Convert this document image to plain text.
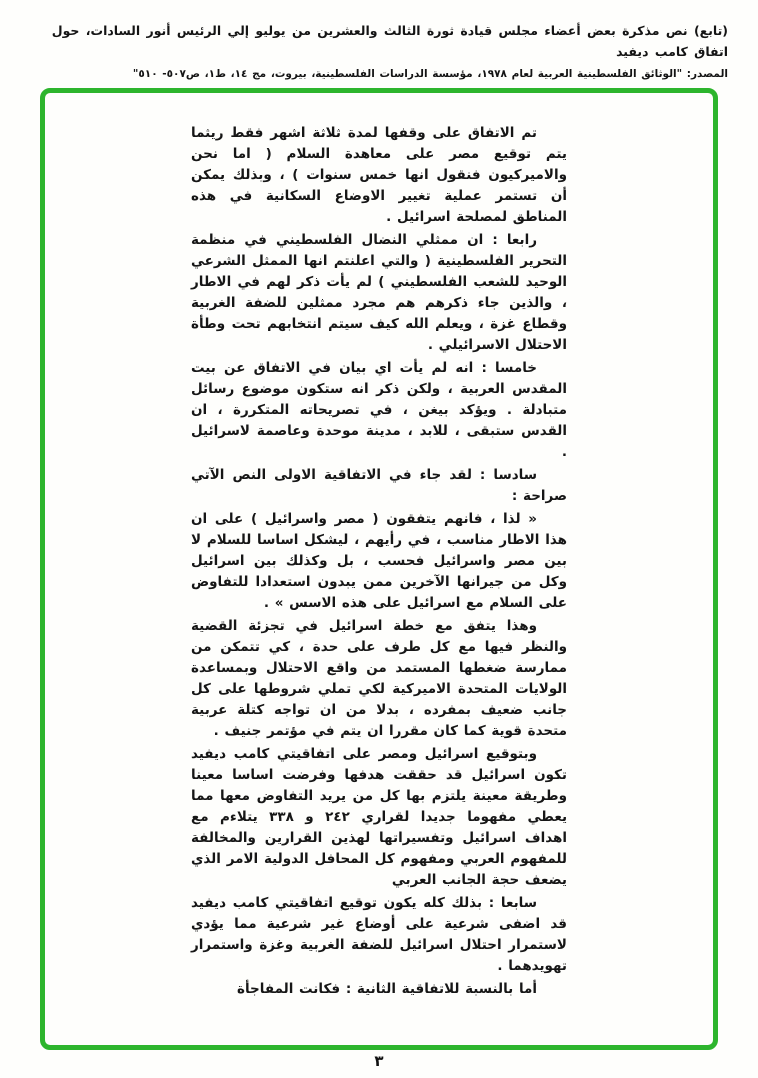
(تابع) نص مذكرة بعض أعضاء مجلس قيادة ثورة الثالث والعشرين من يوليو إلي الرئيس أنور السادات، حول اتفاق كامب ديفيد
المصدر: "الوثائق الفلسطينية العربية لعام ١٩٧٨، مؤسسة الدراسات الفلسطينية، بيروت، مج ١٤، ط١، ص٥٠٧- ٥١٠"

تم الاتفاق على وقفها لمدة ثلاثة اشهر فقط ريثما يتم توقيع مصر على معاهدة السلام ( اما نحن والاميركيون فنقول انها خمس سنوات ) ، وبذلك يمكن أن تستمر عملية تغيير الاوضاع السكانية في هذه المناطق لمصلحة اسرائيل .

رابعا : ان ممثلي النضال الفلسطيني في منظمة التحرير الفلسطينية ( والتي اعلنتم انها الممثل الشرعي الوحيد للشعب الفلسطيني ) لم يأت ذكر لهم في الاطار ، والذين جاء ذكرهم هم مجرد ممثلين للضفة الغربية وقطاع غزة ، ويعلم الله كيف سيتم انتخابهم تحت وطأة الاحتلال الاسرائيلي .

خامسا : انه لم يأت اي بيان في الاتفاق عن بيت المقدس العربية ، ولكن ذكر انه ستكون موضوع رسائل متبادلة . ويؤكد بيغن ، في تصريحاته المتكررة ، ان القدس ستبقى ، للابد ، مدينة موحدة وعاصمة لاسرائيل .

سادسا : لقد جاء في الاتفاقية الاولى النص الآتي صراحة :

« لذا ، فانهم يتفقون ( مصر واسرائيل ) على ان هذا الاطار مناسب ، في رأيهم ، ليشكل اساسا للسلام لا بين مصر واسرائيل فحسب ، بل وكذلك بين اسرائيل وكل من جيرانها الآخرين ممن يبدون استعدادا للتفاوض على السلام مع اسرائيل على هذه الاسس » .

وهذا يتفق مع خطة اسرائيل في تجزئة القضية والنظر فيها مع كل طرف على حدة ، كي تتمكن من ممارسة ضغطها المستمد من واقع الاحتلال وبمساعدة الولايات المتحدة الاميركية لكي تملي شروطها على كل جانب ضعيف بمفرده ، بدلا من ان تواجه كتلة عربية متحدة قوية كما كان مقررا ان يتم في مؤتمر جنيف .

وبتوقيع اسرائيل ومصر على اتفاقيتي كامب ديفيد تكون اسرائيل قد حققت هدفها وفرضت اساسا معينا وطريقة معينة يلتزم بها كل من يريد التفاوض معها مما يعطي مفهوما جديدا لقراري ٢٤٢ و ٣٣٨ يتلاءم مع اهداف اسرائيل وتفسيراتها لهذين القرارين والمخالفة للمفهوم العربي ومفهوم كل المحافل الدولية الامر الذي يضعف حجة الجانب العربي

سابعا : بذلك كله يكون توقيع اتفاقيتي كامب ديفيد قد اضفى شرعية على أوضاع غير شرعية مما يؤدي لاستمرار احتلال اسرائيل للضفة الغربية وغزة واستمرار تهويدهما .

أما بالنسبة للاتفاقية الثانية : فكانت المفاجأة

٣
